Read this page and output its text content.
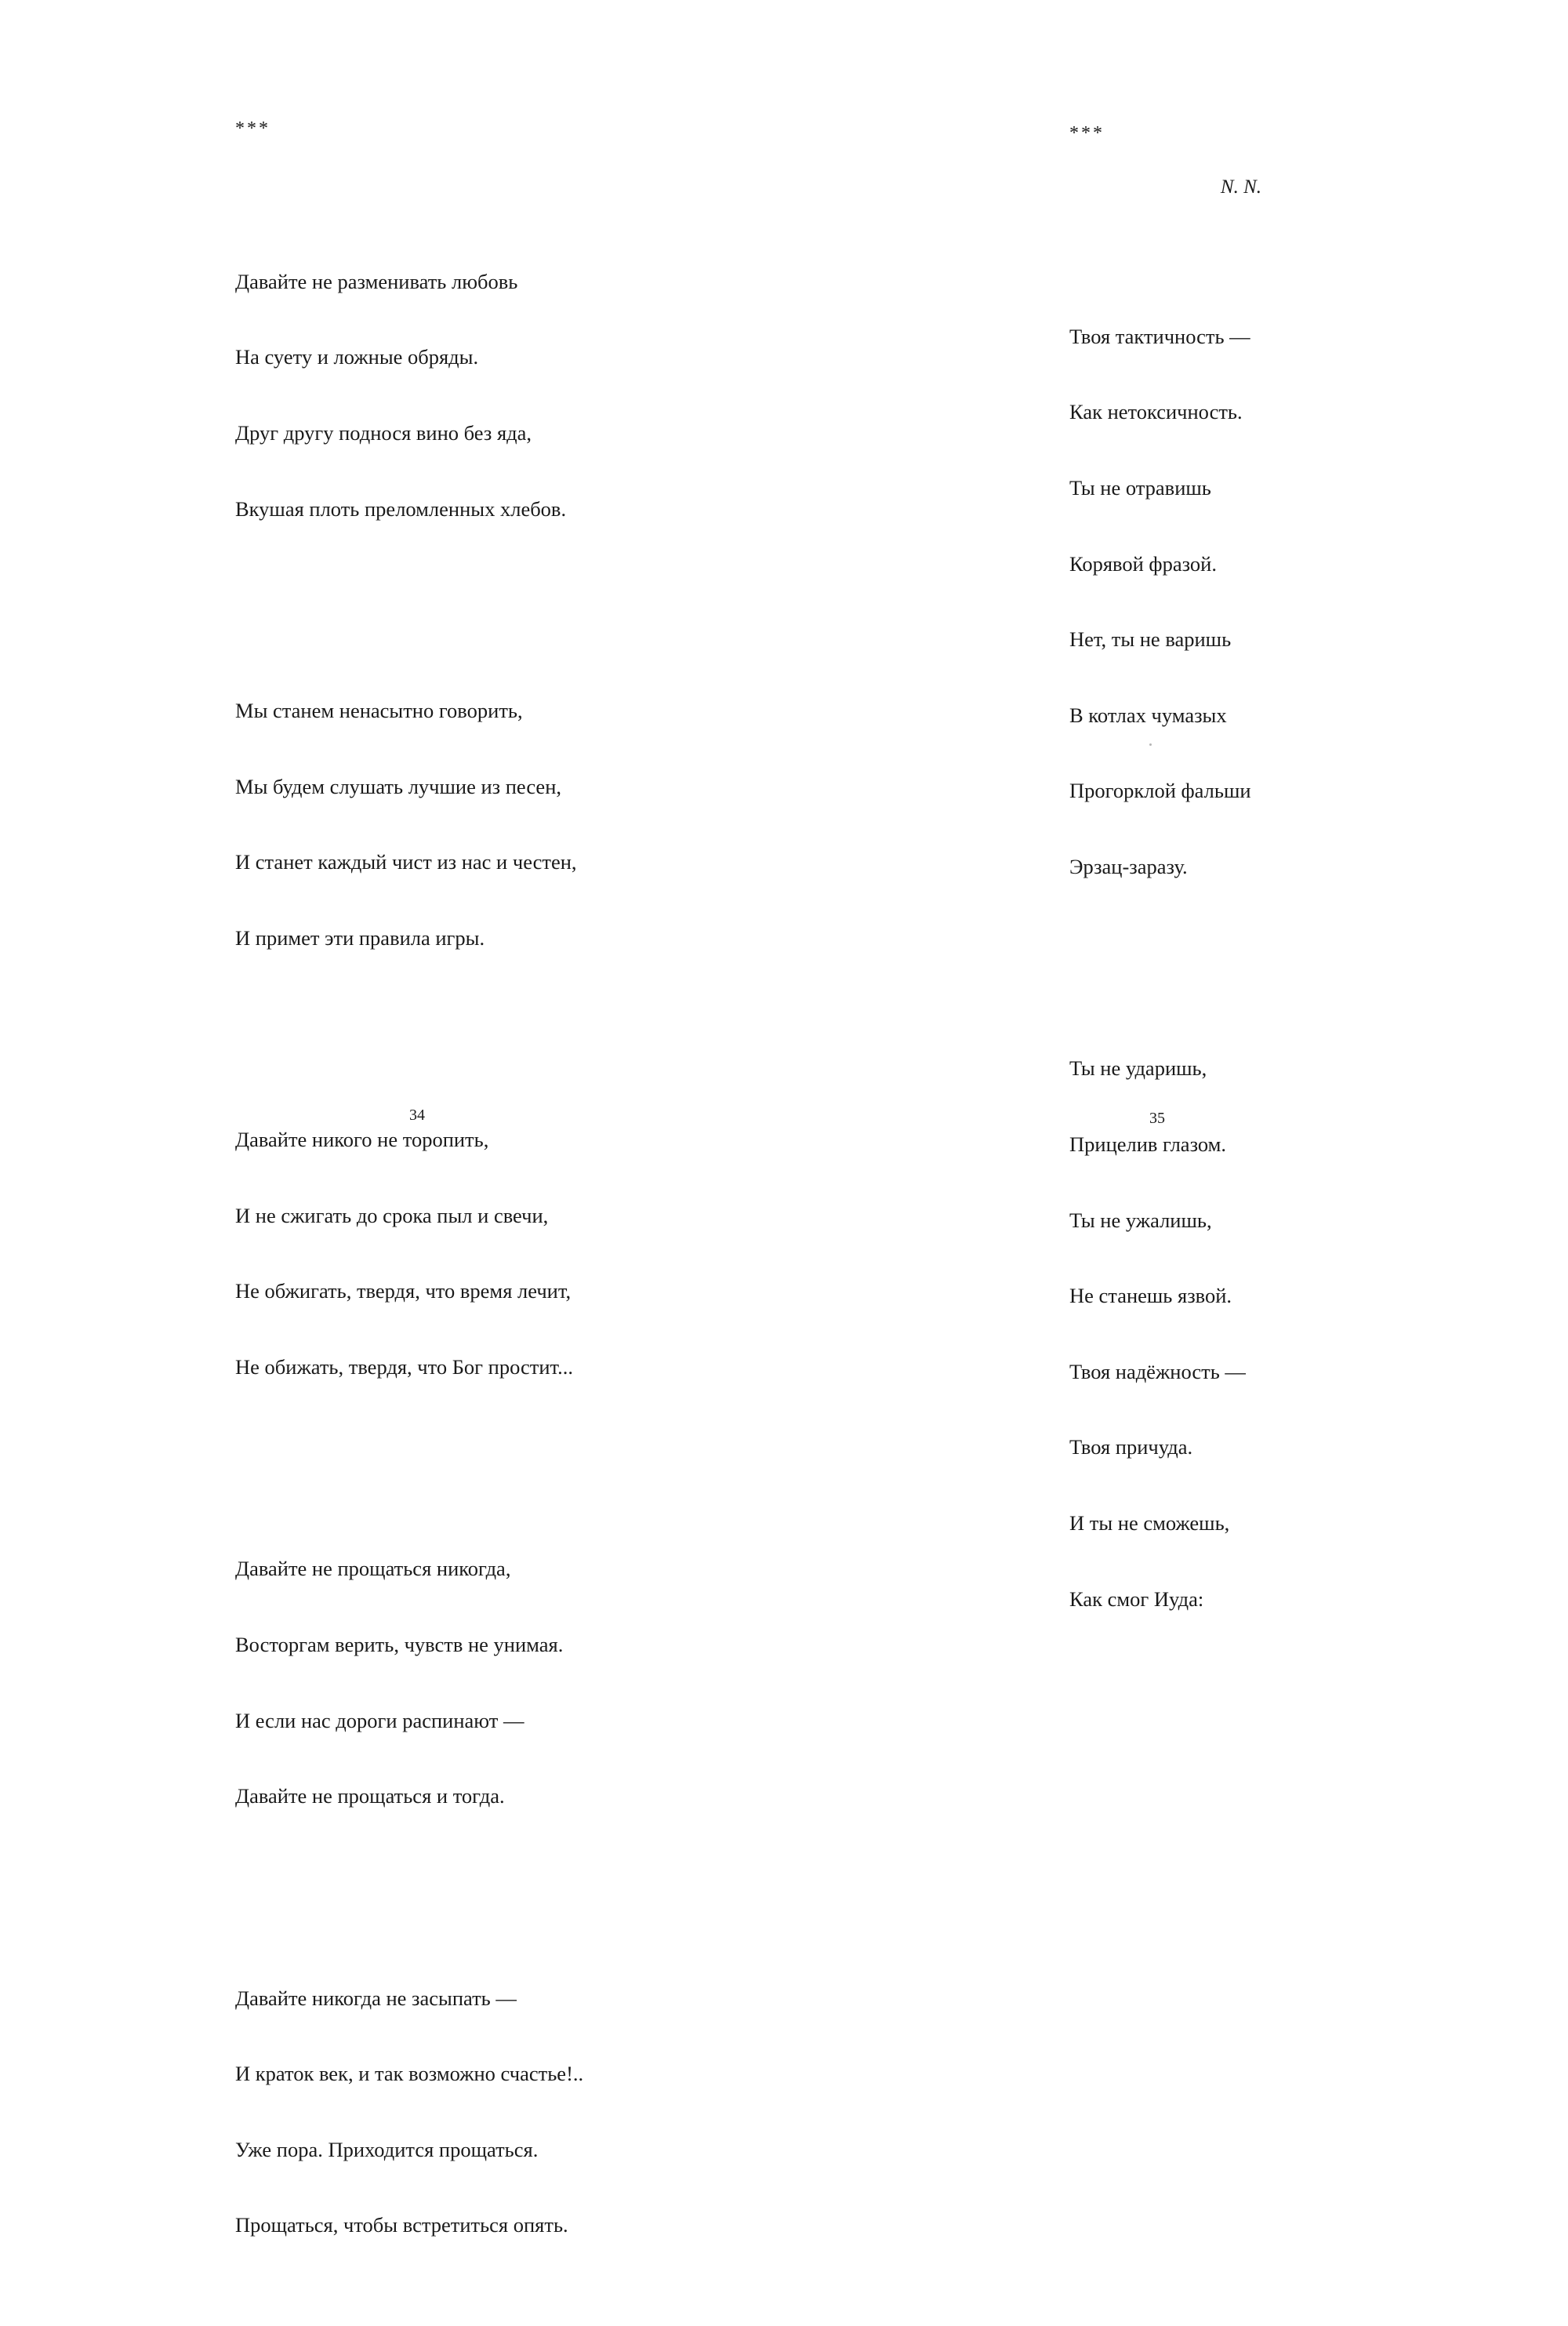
***

Давайте не разменивать любовь

На суету и ложные обряды.

Друг другу поднося вино без яда,

Вкушая плоть преломленных хлебов.

Мы станем ненасытно говорить,

Мы будем слушать лучшие из песен,

И станет каждый чист из нас и честен,

И примет эти правила игры.

Давайте никого не торопить,

И не сжигать до срока пыл и свечи,

Не обжигать, твердя, что время лечит,

Не обижать, твердя, что Бог простит...

Давайте не прощаться никогда,

Восторгам верить, чувств не унимая.

И если нас дороги распинают —

Давайте не прощаться и тогда.

Давайте никогда не засыпать —

И краток век, и так возможно счастье!..

Уже пора. Приходится прощаться.

Прощаться, чтобы встретиться опять.

34
***
N. N.

Твоя тактичность —

Как нетоксичность.

Ты не отравишь

Корявой фразой.

Нет, ты не варишь

В котлах чумазых

Прогорклой фальши

Эрзац-заразу.

Ты не ударишь,

Прицелив глазом.

Ты не ужалишь,

Не станешь язвой.

Твоя надёжность —

Твоя причуда.

И ты не сможешь,

Как смог Иуда:

35
